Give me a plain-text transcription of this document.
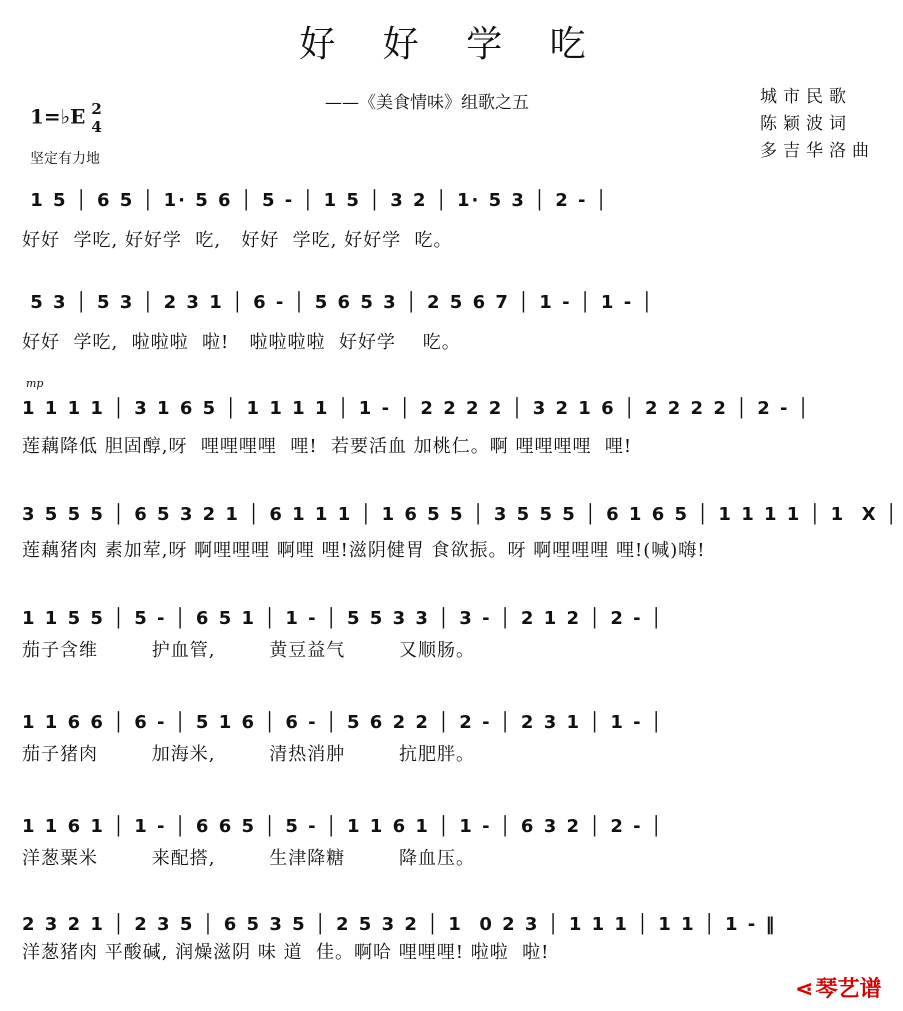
好 好 学 吃
——《美食情味》组歌之五
1=♭E 2
4
坚定有力地
城市民歌
陈颖波词
多吉华洛曲
mp
1 5 │ 6 5 │ 1· 5 6 │ 5 - │ 1 5 │ 3 2 │ 1· 5 3 │ 2 - │
好好  学吃, 好好学  吃,   好好  学吃, 好好学  吃。
5 3 │ 5 3 │ 2 3 1 │ 6 - │ 5 6 5 3 │ 2 5 6 7 │ 1 - │ 1 - │
好好  学吃,  啦啦啦  啦!   啦啦啦啦  好好学    吃。
1 1 1 1 │ 3 1 6 5 │ 1 1 1 1 │ 1 - │ 2 2 2 2 │ 3 2 1 6 │ 2 2 2 2 │ 2 - │
莲藕降低 胆固醇,呀  哩哩哩哩  哩!  若要活血 加桃仁。啊 哩哩哩哩  哩!
3 5 5 5 │ 6 5 3 2 1 │ 6 1 1 1 │ 1 6 5 5 │ 3 5 5 5 │ 6 1 6 5 │ 1 1 1 1 │ 1  X │
莲藕猪肉 素加荤,呀 啊哩哩哩 啊哩 哩!滋阴健胃 食欲振。呀 啊哩哩哩 哩!(喊)嗨!
1 1 5 5 │ 5 - │ 6 5 1 │ 1 - │ 5 5 3 3 │ 3 - │ 2 1 2 │ 2 - │
茄子含维        护血管,        黄豆益气        又顺肠。
1 1 6 6 │ 6 - │ 5 1 6 │ 6 - │ 5 6 2 2 │ 2 - │ 2 3 1 │ 1 - │
茄子猪肉        加海米,        清热消肿        抗肥胖。
1 1 6 1 │ 1 - │ 6 6 5 │ 5 - │ 1 1 6 1 │ 1 - │ 6 3 2 │ 2 - │
洋葱粟米        来配搭,        生津降糖        降血压。
2 3 2 1 │ 2 3 5 │ 6 5 3 5 │ 2 5 3 2 │ 1  0 2 3 │ 1 1 1 │ 1 1 │ 1 - ‖
洋葱猪肉 平酸碱, 润燥滋阴 味 道  佳。啊哈 哩哩哩! 啦啦  啦!
⋖琴艺谱
